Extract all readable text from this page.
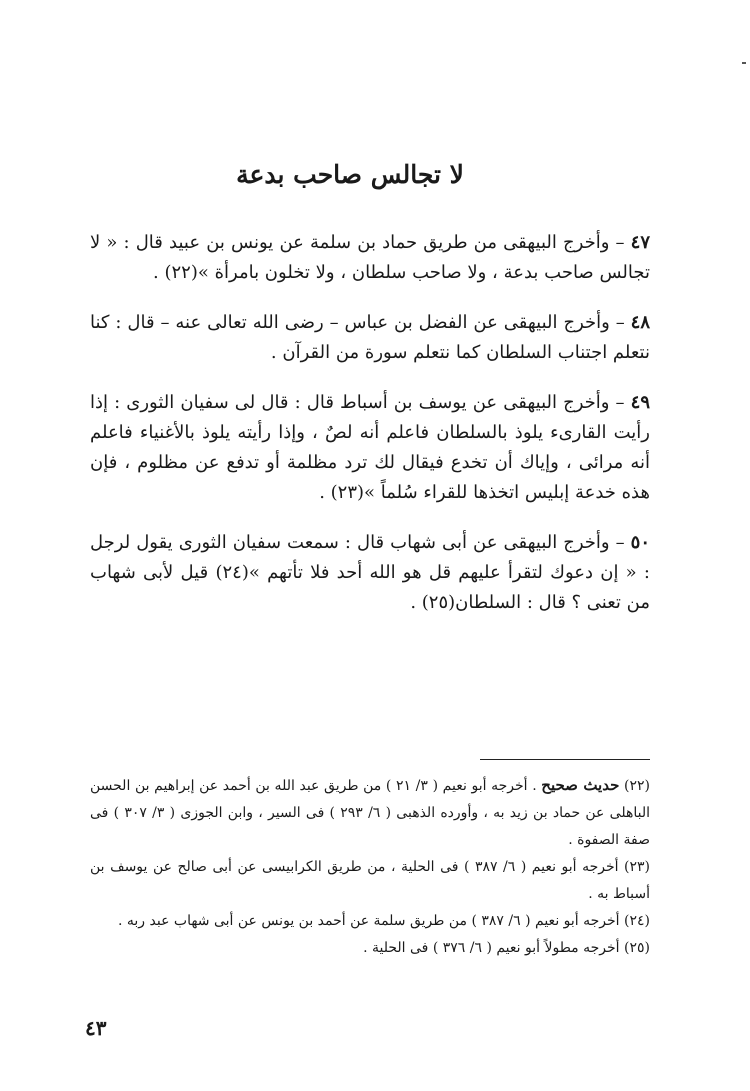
لا تجالس صاحب بدعة

٤٧ – وأخرج البيهقى من طريق حماد بن سلمة عن يونس بن عبيد قال : « لا تجالس صاحب بدعة ، ولا صاحب سلطان ، ولا تخلون بامرأة »(٢٢) .

٤٨ – وأخرج البيهقى عن الفضل بن عباس – رضى الله تعالى عنه – قال : كنا نتعلم اجتناب السلطان كما نتعلم سورة من القرآن .

٤٩ – وأخرج البيهقى عن يوسف بن أسباط قال : قال لى سفيان الثورى : إذا رأيت القارىء يلوذ بالسلطان فاعلم أنه لصٌ ، وإذا رأيته يلوذ بالأغنياء فاعلم أنه مرائى ، وإياك أن تخدع فيقال لك ترد مظلمة أو تدفع عن مظلوم ، فإن هذه خدعة إبليس اتخذها للقراء سُلماً »(٢٣) .

٥٠ – وأخرج البيهقى عن أبى شهاب قال : سمعت سفيان الثورى يقول لرجل : « إن دعوك لتقرأ عليهم قل هو الله أحد فلا تأتهم »(٢٤) قيل لأبى شهاب من تعنى ؟ قال : السلطان(٢٥) .

(٢٢) حديث صحيح . أخرجه أبو نعيم ( ٣/ ٢١ ) من طريق عبد الله بن أحمد عن إبراهيم بن الحسن الباهلى عن حماد بن زيد به ، وأورده الذهبى ( ٦/ ٢٩٣ ) فى السير ، وابن الجوزى ( ٣/ ٣٠٧ ) فى صفة الصفوة .

(٢٣) أخرجه أبو نعيم ( ٦/ ٣٨٧ ) فى الحلية ، من طريق الكرابيسى عن أبى صالح عن يوسف بن أسباط به .

(٢٤) أخرجه أبو نعيم ( ٦/ ٣٨٧ ) من طريق سلمة عن أحمد بن يونس عن أبى شهاب عبد ربه .

(٢٥) أخرجه مطولاً أبو نعيم ( ٦/ ٣٧٦ ) فى الحلية .

٤٣
